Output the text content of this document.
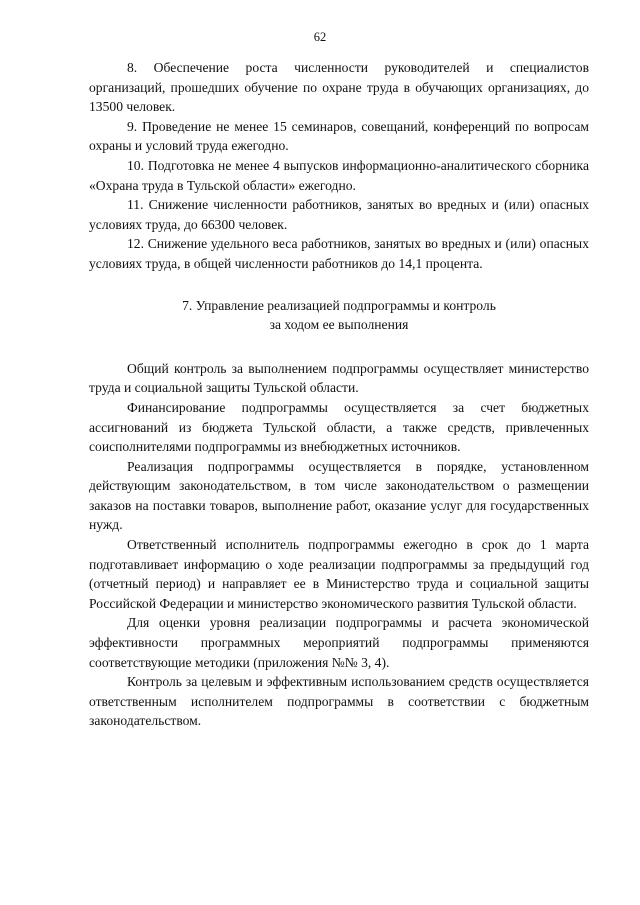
62

8. Обеспечение роста численности руководителей и специалистов организаций, прошедших обучение по охране труда в обучающих организациях, до 13500 человек.

9. Проведение не менее 15 семинаров, совещаний, конференций по вопросам охраны и условий труда ежегодно.

10. Подготовка не менее 4 выпусков информационно-аналитического сборника «Охрана труда в Тульской области» ежегодно.

11. Снижение численности работников, занятых во вредных и (или) опасных условиях труда, до 66300 человек.

12. Снижение удельного веса работников, занятых во вредных и (или) опасных условиях труда, в общей численности работников до 14,1 процента.

7. Управление реализацией подпрограммы и контроль
за ходом ее выполнения

Общий контроль за выполнением подпрограммы осуществляет министерство труда и социальной защиты Тульской области.

Финансирование подпрограммы осуществляется за счет бюджетных ассигнований из бюджета Тульской области, а также средств, привлеченных соисполнителями подпрограммы из внебюджетных источников.

Реализация подпрограммы осуществляется в порядке, установленном действующим законодательством, в том числе законодательством о размещении заказов на поставки товаров, выполнение работ, оказание услуг для государственных нужд.

Ответственный исполнитель подпрограммы ежегодно в срок до 1 марта подготавливает информацию о ходе реализации подпрограммы за предыдущий год (отчетный период) и направляет ее в Министерство труда и социальной защиты Российской Федерации и министерство экономического развития Тульской области.

Для оценки уровня реализации подпрограммы и расчета экономической эффективности программных мероприятий подпрограммы применяются соответствующие методики (приложения №№ 3, 4).

Контроль за целевым и эффективным использованием средств осуществляется ответственным исполнителем подпрограммы в соответствии с бюджетным законодательством.
